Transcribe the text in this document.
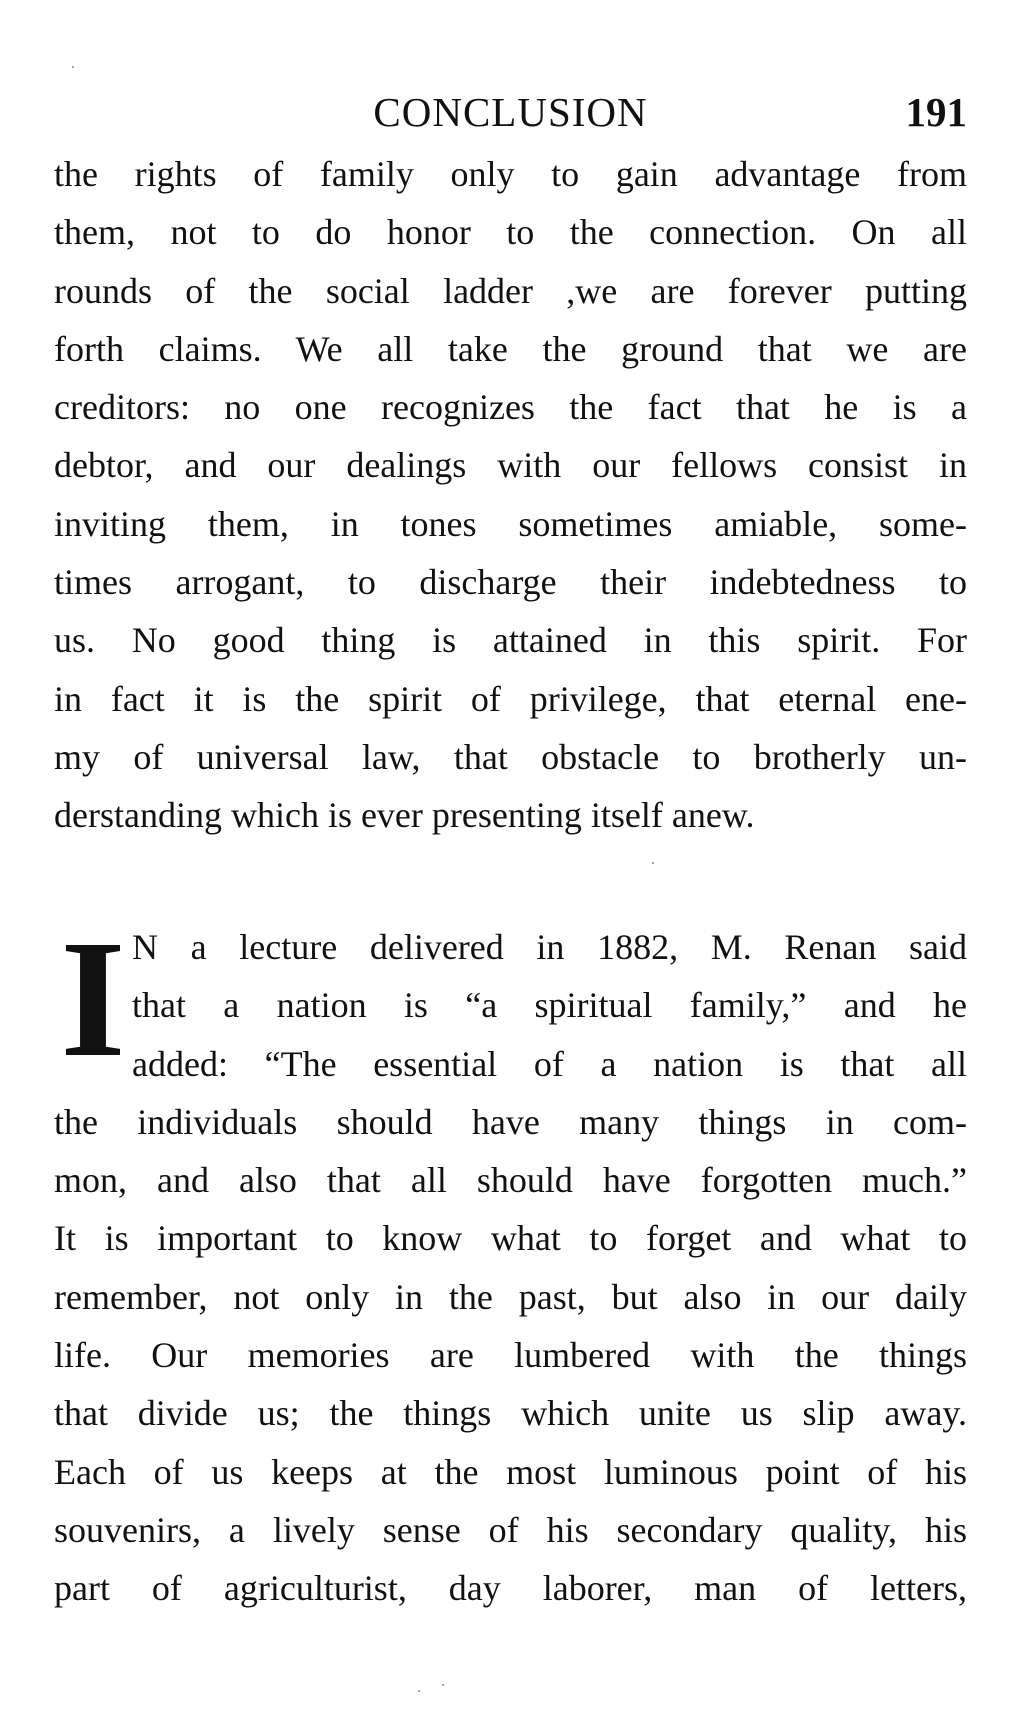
CONCLUSION	191
the rights of family only to gain advantage from
them, not to do honor to the connection. On all
rounds of the social ladder ,we are forever putting
forth claims. We all take the ground that we are
creditors: no one recognizes the fact that he is a
debtor, and our dealings with our fellows consist in
inviting them, in tones sometimes amiable, some-
times arrogant, to discharge their indebtedness to
us. No good thing is attained in this spirit. For
in fact it is the spirit of privilege, that eternal ene-
my of universal law, that obstacle to brotherly un-
derstanding which is ever presenting itself anew.
I N a lecture delivered in 1882, M. Renan said
that a nation is “a spiritual family,” and he
added: “The essential of a nation is that all
the individuals should have many things in com-
mon, and also that all should have forgotten much.”
It is important to know what to forget and what to
remember, not only in the past, but also in our daily
life. Our memories are lumbered with the things
that divide us; the things which unite us slip away.
Each of us keeps at the most luminous point of his
souvenirs, a lively sense of his secondary quality, his
part of agriculturist, day laborer, man of letters,
